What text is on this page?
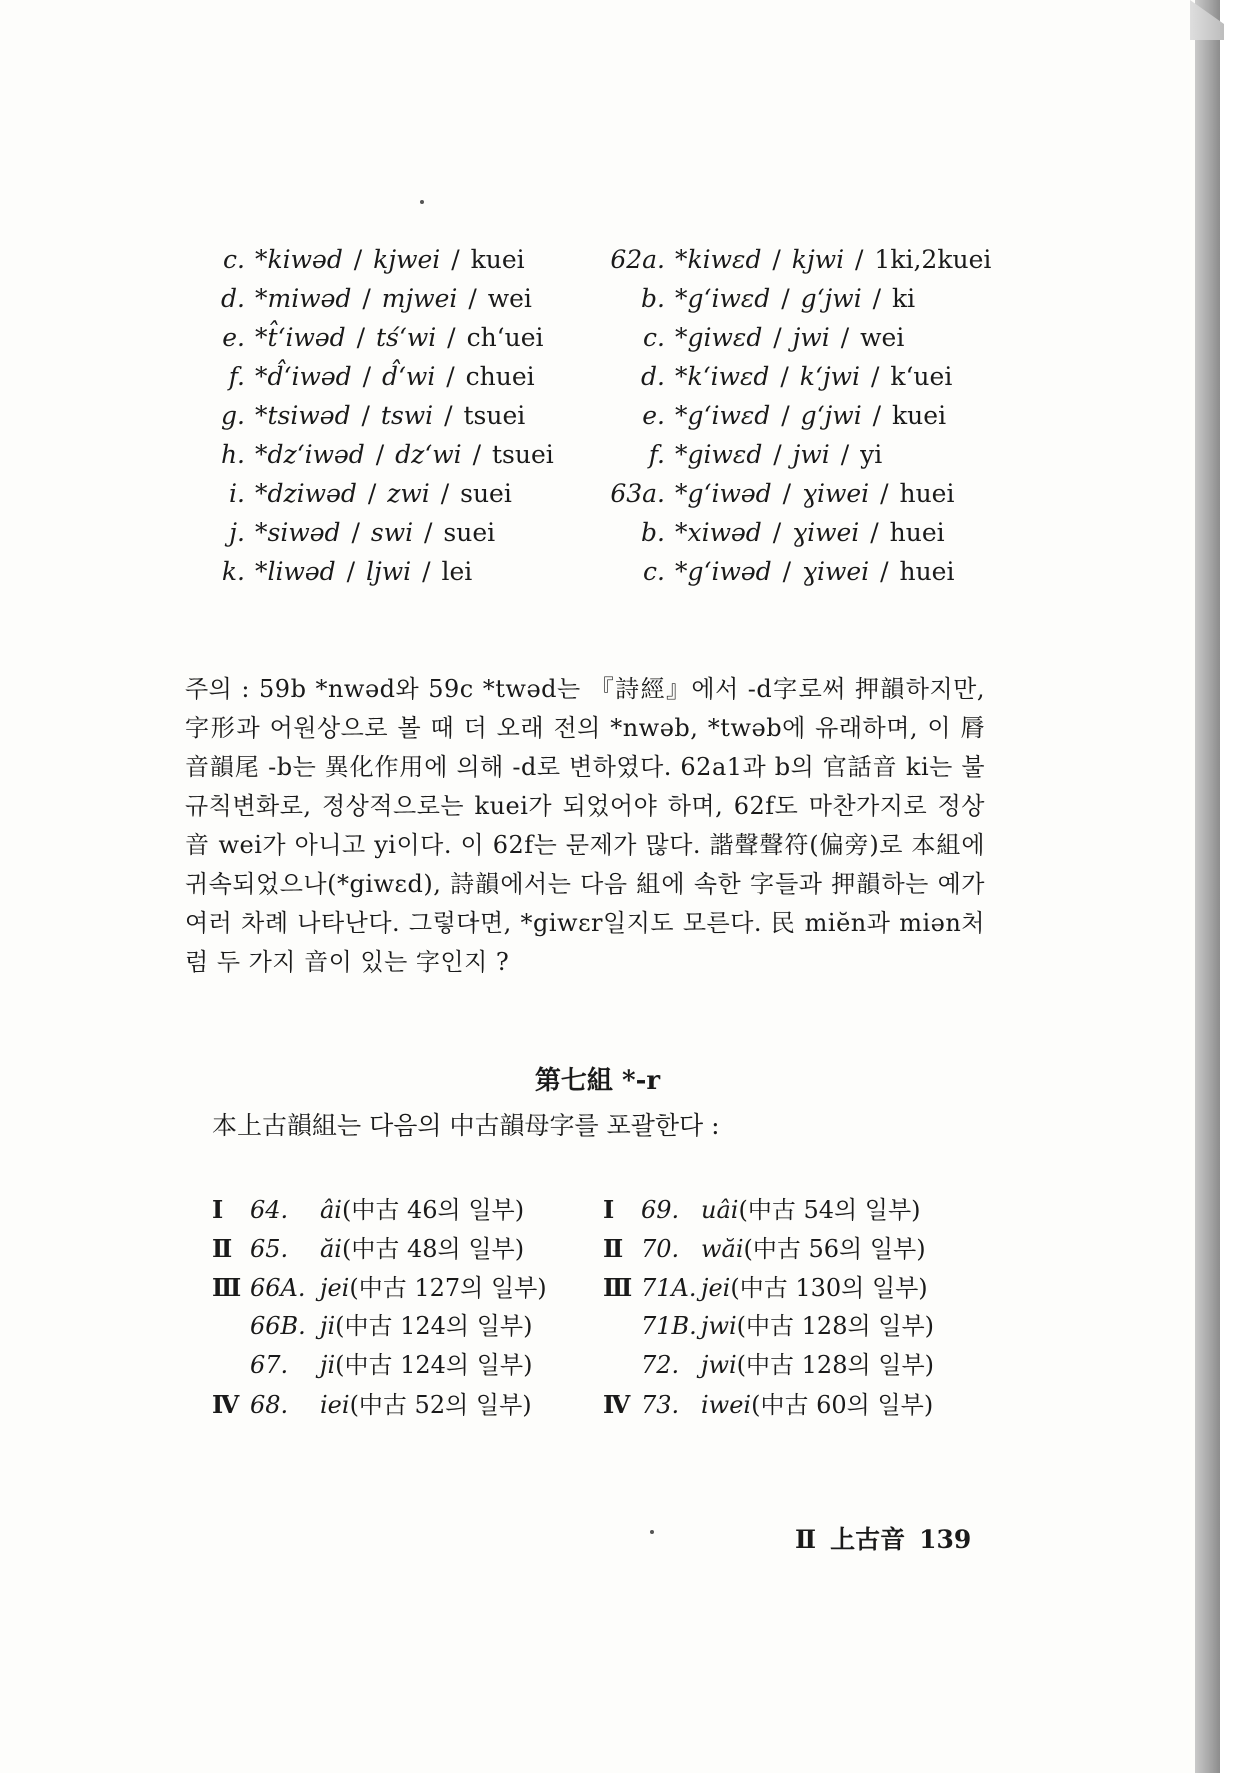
c. *kiwəd / kjwei / kuei
d. *miwəd / mjwei / wei
e. *t̂ʻiwəd / tśʻwi / chʻuei
f. *d̂ʻiwəd / d̂ʻwi / chuei
g. *tsiwəd / tswi / tsuei
h. *dzʻiwəd / dzʻwi / tsuei
i. *dziwəd / zwi / suei
j. *siwəd / swi / suei
k. *liwəd / ljwi / lei
62a. *kiwɛd / kjwi / 1ki,2kuei
b. *gʻiwɛd / gʻjwi / ki
c. *giwɛd / jwi / wei
d. *kʻiwɛd / kʻjwi / kʻuei
e. *gʻiwɛd / gʻjwi / kuei
f. *giwɛd / jwi / yi
63a. *gʻiwəd / ɣiwei / huei
b. *xiwəd / ɣiwei / huei
c. *gʻiwəd / ɣiwei / huei
주의 : 59b *nwəd와 59c *twəd는 『詩經』에서 -d字로써 押韻하지만, 字形과 어원상으로 볼 때 더 오래 전의 *nwəb, *twəb에 유래하며, 이 脣音韻尾 -b는 異化作用에 의해 -d로 변하였다. 62a1과 b의 官話音 ki는 불규칙변화로, 정상적으로는 kuei가 되었어야 하며, 62f도 마찬가지로 정상音 wei가 아니고 yi이다. 이 62f는 문제가 많다. 諧聲聲符(偏旁)로 本組에 귀속되었으나(*giwɛd), 詩韻에서는 다음 組에 속한 字들과 押韻하는 예가 여러 차례 나타난다. 그렇다면, *giwɛr일지도 모른다. 民 miĕn과 miən처럼 두 가지 音이 있는 字인지 ?
第七組 *-r
本上古韻組는 다음의 中古韻母字를 포괄한다 :
Ⅰ 64. âi(中古 46의 일부)
Ⅱ 65. ăi(中古 48의 일부)
Ⅲ 66A. jei(中古 127의 일부)
66B. ji(中古 124의 일부)
67. ji(中古 124의 일부)
Ⅳ 68. iei(中古 52의 일부)
Ⅰ 69. uâi(中古 54의 일부)
Ⅱ 70. wăi(中古 56의 일부)
Ⅲ 71A. jei(中古 130의 일부)
71B. jwi(中古 128의 일부)
72. jwi(中古 128의 일부)
Ⅳ 73. iwei(中古 60의 일부)
Ⅱ 上古音 139
